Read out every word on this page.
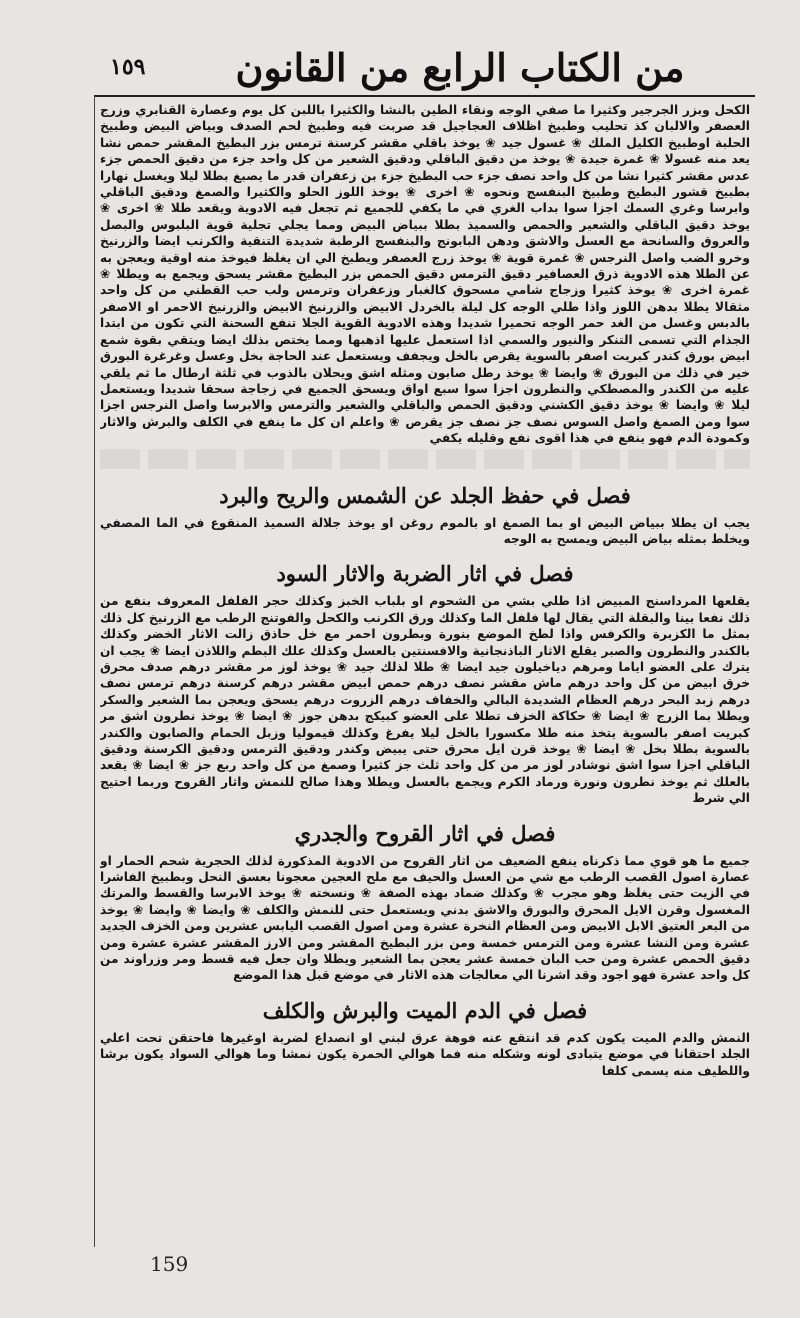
١٥٩	من الكتاب الرابع من القانون

الكحل وبزر الجرجير وكثيرا ما صفي الوجه ونقاء الطين بالنشا والكثيرا باللبن كل يوم وعصارة القنابري وزرج العصفر والالبان كذ تحليب وطبيخ اظلاف العجاجيل قد صربت فيه وطبيخ لحم الصدف وبياض البيض وطبيخ الحلبة اوطبيخ الكليل الملك ❀ غسول جيد ❀ يوخذ باقلي مقشر كرسنة ترمس بزر البطيخ المقشر حمص نشا يعد منه غسولا ❀ غمرة جيدة ❀ يوخذ من دقيق الباقلي ودقيق الشعير من كل واحد جزء من دقيق الحمص جزء عدس مقشر كثيرا نشا من كل واحد نصف جزء حب البطيخ جزء بن زعفران قدر ما يصبغ بطلا ليلا ويغسل نهارا بطبيخ قشور البطيخ وطبيخ البنفسج ونحوه ❀ اخرى ❀ يوخذ اللوز الحلو والكثيرا والصمغ ودقيق الباقلي وابرسا وغري السمك اجزا سوا بداب الغري في ما يكفي للجميع ثم تجعل فيه الادوية ويقعد طلا ❀ اخرى ❀ يوخذ دقيق الباقلي والشعير والحمص والسميذ بطلا ببياض البيض ومما يجلي تجلية قوية البلبوس والبصل والعروق والسانحة مع العسل والاشق ودهن البابونج والبنفسج الرطبة شديدة التنقية والكرنب ايضا والزرنيخ وخرو الضب واصل النرجس ❀ غمرة قوية ❀ يوخذ زرج العصفر ويطبخ الي ان يغلظ فيوخذ منه اوقية ويعجن به عن الطلا هذه الادوية ذرق العصافير دقيق الترمس دقيق الحمص بزر البطيخ مقشر يسحق ويجمع به ويطلا ❀ غمرة اخرى ❀ يوخذ كثيرا وزجاج شامي مسحوق كالغبار وزعفران وترمس ولب حب القطني من كل واحد مثقالا يطلا بدهن اللوز واذا طلي الوجه كل ليلة بالخردل الابيض والزرنيخ الابيض والزرنيخ الاحمر او الاصفر بالدبس وغسل من الغد حمر الوجه تحميرا شديدا وهذه الادوية القوية الجلا تنفع السحنة التي تكون من ابتدا الجذام التي تسمى التنكر والنيور والسمي اذا استعمل عليها اذهبها ومما يختص بذلك ايضا ويتقي بقوة شمع ابيض بورق كندر كبريت اصفر بالسوية يقرص بالخل ويجفف ويستعمل عند الحاجة بخل وعسل وغرغرة البورق خير في ذلك من البورق ❀ وايضا ❀ يوخذ رطل صابون ومثله اشق ويحلان بالذوب في ثلثة ارطال ما ثم يلقي عليه من الكندر والمصطكي والنطرون اجزا سوا سبع اواق ويسحق الجميع في زجاجة سحقا شديدا ويستعمل ليلا ❀ وايضا ❀ يوخذ دقيق الكشني ودقيق الحمص والباقلي والشعير والترمس والابرسا واصل النرجس اجزا سوا ومن الصمغ واصل السوس نصف جز نصف جز يقرص ❀ واعلم ان كل ما ينفع في الكلف والبرش والاثار وكمودة الدم فهو ينفع في هذا اقوى نفع وقليله يكفي

فصل في حفظ الجلد عن الشمس والريح والبرد

يجب ان يطلا ببياض البيض او بما الصمغ او بالموم روغن او يوخذ جلالة السميذ المنقوع في الما المصفي ويخلط بمثله بياض البيض ويمسح به الوجه

فصل في اثار الضربة والاثار السود

يقلعها المرداسنج المبيض اذا طلي بشي من الشحوم او بلباب الخبز وكذلك حجر الفلفل المعروف بنفع من ذلك نفعا بينا والبقلة التي يقال لها فلفل الما وكذلك ورق الكرنب والكحل والفوتنج الرطب مع الزرنيخ كل ذلك بمثل ما الكزبرة والكرفس واذا لطخ الموضع بنورة وبطرون احمر مع خل حاذق زالت الاثار الخضر وكذلك بالكندر والنطرون والصبر يقلع الاثار الباذنجانية والافسنتين بالعسل وكذلك علك البطم واللاذن ايضا ❀ يجب ان يترك على العضو اياما ومرهم دياخيلون جيد ايضا ❀ طلا لذلك جيد ❀ يوخذ لوز مر مقشر درهم صدف محرق خرق ابيض من كل واحد درهم ماش مقشر نصف درهم حمص ابيض مقشر درهم كرسنة درهم ترمس نصف درهم زبد البحر درهم العظام الشديدة البالي والخفاف درهم الزروت درهم يسحق ويعجن بما الشعير والسكر ويطلا بما الزرج ❀ ايضا ❀ حكاكة الخزف تطلا على العضو كبيكج بدهن جوز ❀ ايضا ❀ يوخذ نطرون اشق مر كبريت اصفر بالسوية يتخذ منه طلا مكسورا بالخل ليلا يفرغ وكذلك قيموليا وزبل الحمام والصابون والكندر بالسوية بطلا بخل ❀ ايضا ❀ يوخذ قرن ايل محرق حتى يبيض وكندر ودقيق الترمس ودقيق الكرسنة ودقيق الباقلي اجزا سوا اشق نوشادر لوز مر من كل واحد ثلث جز كثيرا وصمغ من كل واحد ربع جز ❀ ايضا ❀ يقعد بالعلك ثم يوخذ نطرون ونورة ورماد الكرم ويجمع بالعسل ويطلا وهذا صالح للنمش واثار القروح وربما احتيج الي شرط

فصل في اثار القروح والجدري

جميع ما هو قوي مما ذكرناه ينفع الضعيف من اثار القروح من الادوية المذكورة لذلك الحجرية شحم الحمار او عصارة اصول القصب الرطب مع شي من العسل والحيف مع ملح العجين معجونا بعسق النحل وبطبيخ الفاشرا في الزيت حتى يغلظ وهو مجرب ❀ وكذلك ضماد بهذه الصفة ❀ ونسخته ❀ يوخذ الابرسا والقسط والمرتك المغسول وقرن الايل المحرق والبورق والاشق بدني ويستعمل حتى للنمش والكلف ❀ وايضا ❀ وايضا ❀ يوخذ من البعر العتيق الابل الابيض ومن العظام النخرة عشرة ومن اصول القصب اليابس عشرين ومن الخزف الجديد عشرة ومن النشا عشرة ومن الترمس خمسة ومن بزر البطيخ المقشر ومن الارز المقشر عشرة عشرة ومن دقيق الحمص عشرة ومن حب البان خمسة عشر يعجن بما الشعير ويطلا وان جعل فيه قسط ومر وزراوند من كل واحد عشرة فهو اجود وقد اشرنا الي معالجات هذه الاثار في موضع قبل هذا الموضع

فصل في الدم الميت والبرش والكلف

النمش والدم الميت يكون كدم قد انتقع عنه فوهة عرق لبني او انصداع لضربة اوغيرها فاحتقن تحت اعلي الجلد احتقانا في موضع يتبادى لونه وشكله منه فما هوالي الحمرة يكون نمشا وما هوالي السواد يكون برشا واللطيف منه يسمى كلفا

159
